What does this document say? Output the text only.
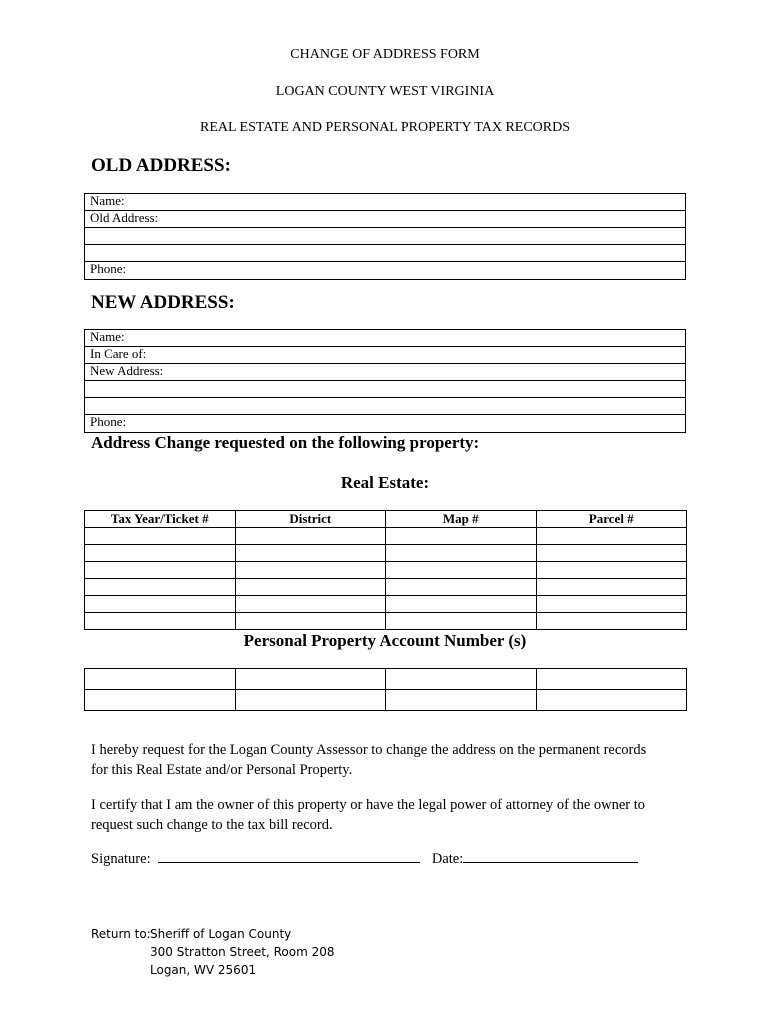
CHANGE OF ADDRESS FORM
LOGAN COUNTY WEST VIRGINIA
REAL ESTATE AND PERSONAL PROPERTY TAX RECORDS
OLD ADDRESS:
Name:
Old Address:
Phone:
NEW ADDRESS:
Name:
In Care of:
New Address:
Phone:
Address Change requested on the following property:
Real Estate:
Tax Year/Ticket #	District	Map #	Parcel #

Personal Property Account Number (s)

I hereby request for the Logan County Assessor to change the address on the permanent records
for this Real Estate and/or Personal Property.
I certify that I am the owner of this property or have the legal power of attorney of the owner to
request such change to the tax bill record.
Signature:	Date:
Return to: Sheriff of Logan County
300 Stratton Street, Room 208
Logan, WV 25601
